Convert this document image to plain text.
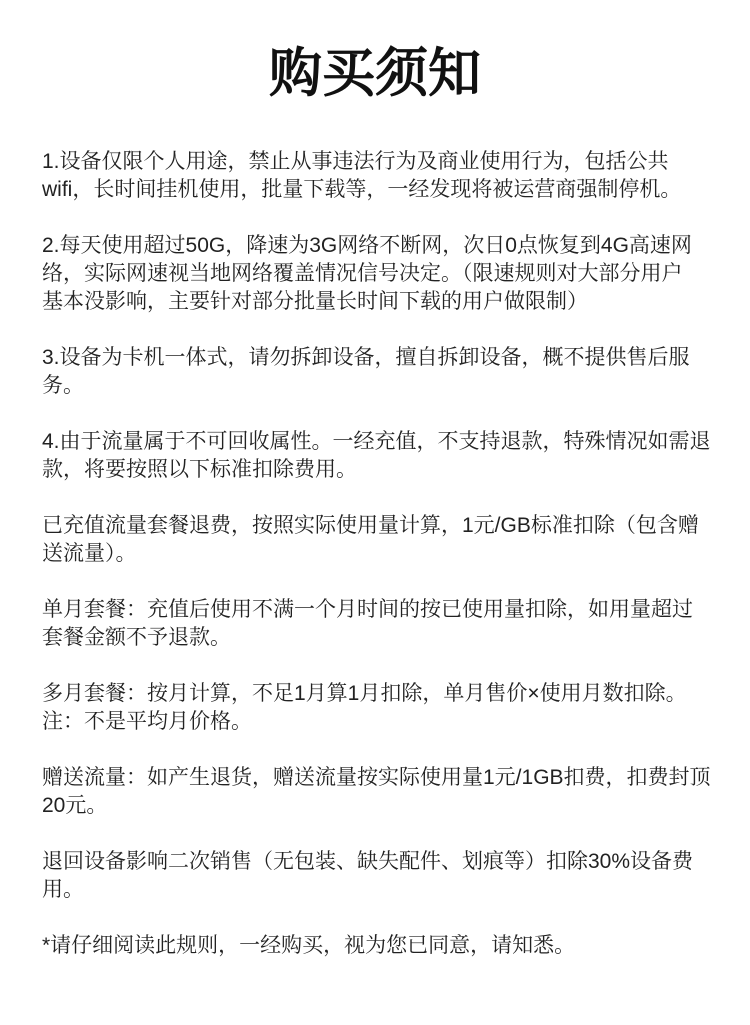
购买须知
1.设备仅限个人用途，禁止从事违法行为及商业使用行为，包括公共
wifi，长时间挂机使用，批量下载等，一经发现将被运营商强制停机。
2.每天使用超过50G，降速为3G网络不断网，次日0点恢复到4G高速网
络，实际网速视当地网络覆盖情况信号决定。（限速规则对大部分用户
基本没影响，主要针对部分批量长时间下载的用户做限制）
3.设备为卡机一体式，请勿拆卸设备，擅自拆卸设备，概不提供售后服
务。
4.由于流量属于不可回收属性。一经充值，不支持退款，特殊情况如需退
款，将要按照以下标准扣除费用。
已充值流量套餐退费，按照实际使用量计算，1元/GB标准扣除（包含赠
送流量）。
单月套餐：充值后使用不满一个月时间的按已使用量扣除，如用量超过
套餐金额不予退款。
多月套餐：按月计算，不足1月算1月扣除，单月售价×使用月数扣除。
注：不是平均月价格。
赠送流量：如产生退货，赠送流量按实际使用量1元/1GB扣费，扣费封顶
20元。
退回设备影响二次销售（无包装、缺失配件、划痕等）扣除30%设备费
用。
*请仔细阅读此规则，一经购买，视为您已同意，请知悉。
